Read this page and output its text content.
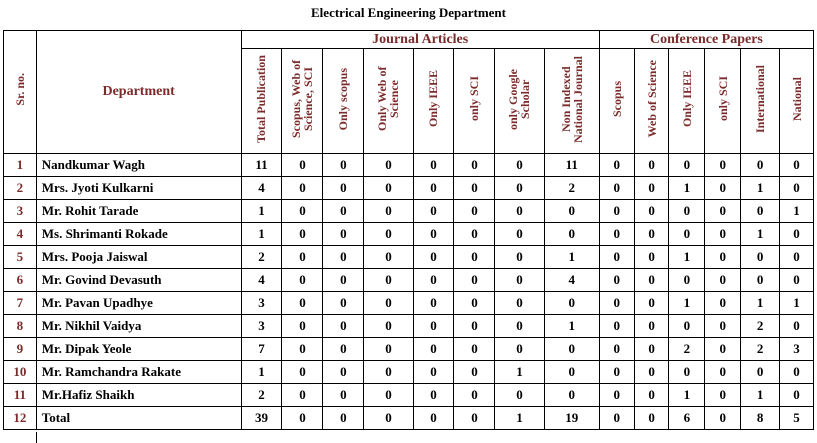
Electrical Engineering Department
Sr. no.	Department	Journal Articles								Conference Papers					
		Total Publication	Scopus, Web of Science, SCI	Only scopus	Only Web of Science	Only IEEE	only SCI	only Google Scholar	Non Indexed National Journal	Scopus	Web of Science	Only IEEE	only SCI	International	National
1	Nandkumar Wagh	11	0	0	0	0	0	0	11	0	0	0	0	0	0
2	Mrs. Jyoti Kulkarni	4	0	0	0	0	0	0	2	0	0	1	0	1	0
3	Mr. Rohit Tarade	1	0	0	0	0	0	0	0	0	0	0	0	0	1
4	Ms. Shrimanti Rokade	1	0	0	0	0	0	0	0	0	0	0	0	1	0
5	Mrs. Pooja Jaiswal	2	0	0	0	0	0	0	1	0	0	1	0	0	0
6	Mr. Govind Devasuth	4	0	0	0	0	0	0	4	0	0	0	0	0	0
7	Mr. Pavan Upadhye	3	0	0	0	0	0	0	0	0	0	1	0	1	1
8	Mr. Nikhil Vaidya	3	0	0	0	0	0	0	1	0	0	0	0	2	0
9	Mr. Dipak Yeole	7	0	0	0	0	0	0	0	0	0	2	0	2	3
10	Mr. Ramchandra Rakate	1	0	0	0	0	0	1	0	0	0	0	0	0	0
11	Mr.Hafiz Shaikh	2	0	0	0	0	0	0	0	0	0	1	0	1	0
12	Total	39	0	0	0	0	0	1	19	0	0	6	0	8	5
